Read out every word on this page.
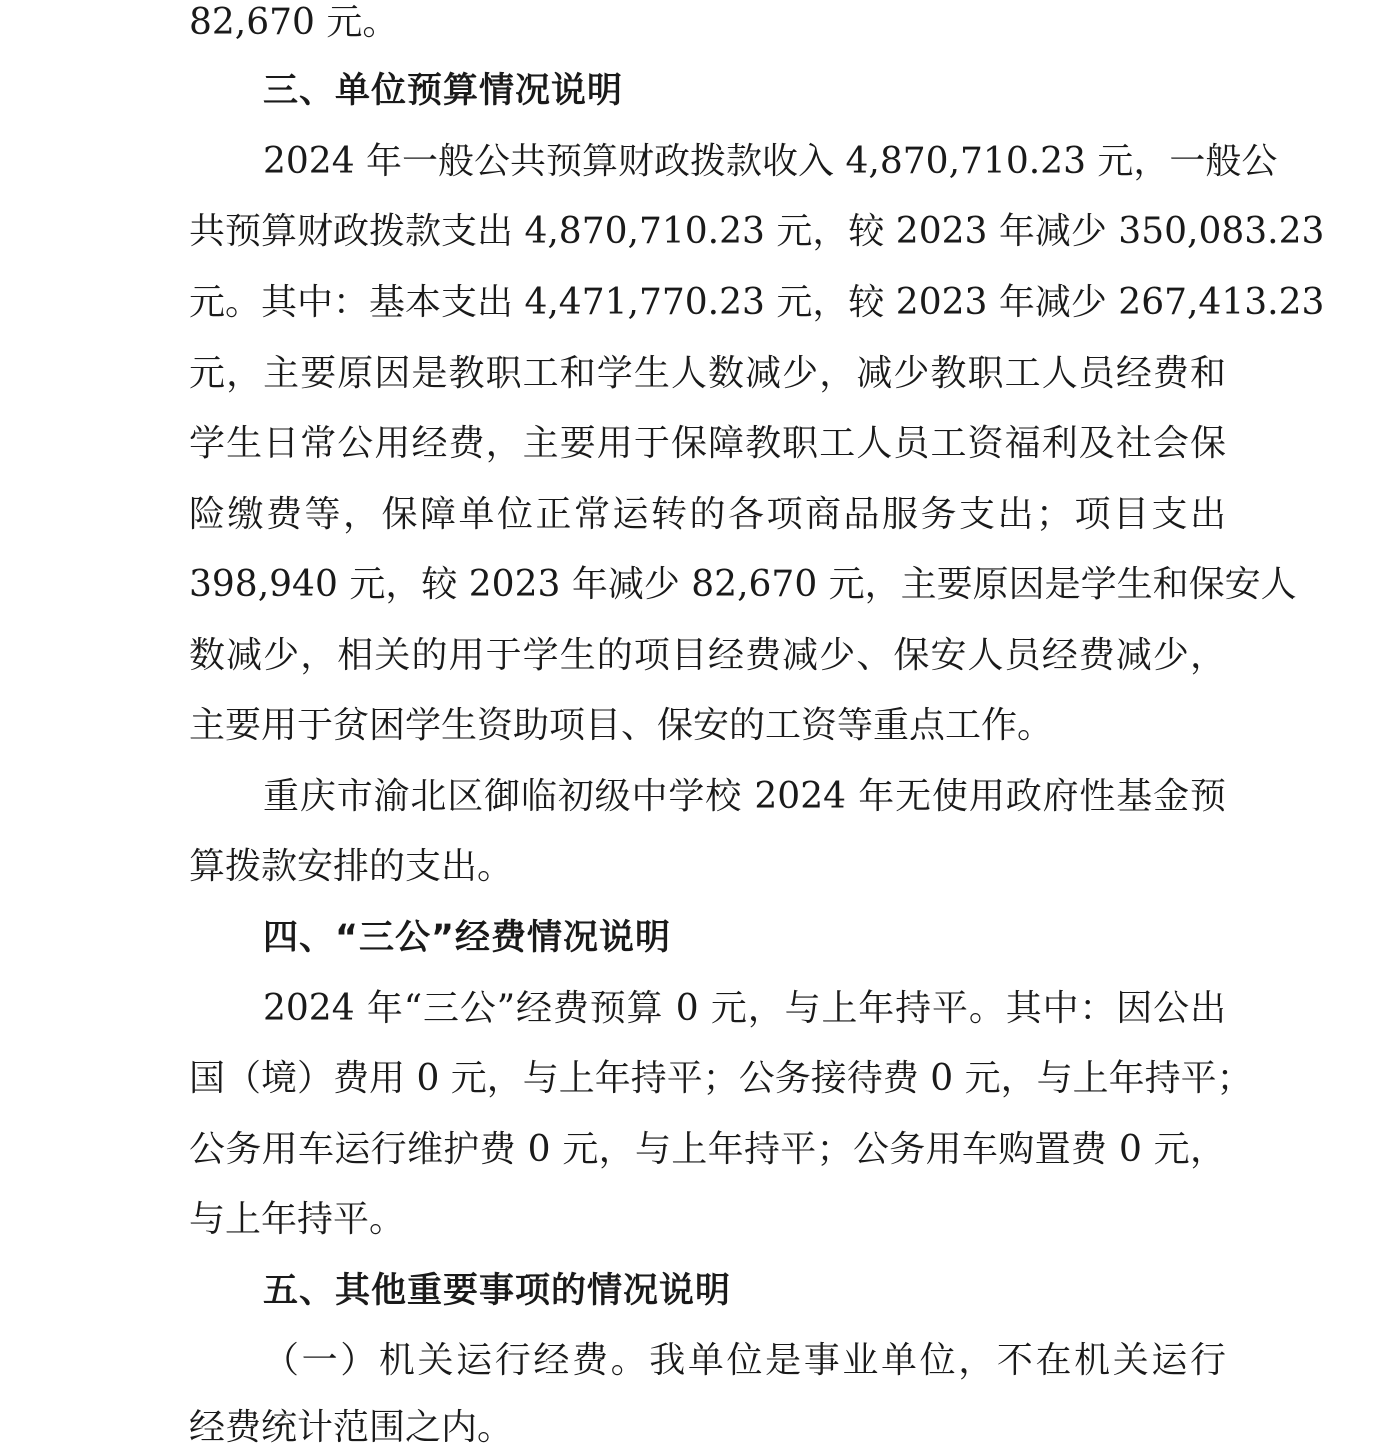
82,670 元。
三、单位预算情况说明
2024 年一般公共预算财政拨款收入 4,870,710.23 元，一般公
共预算财政拨款支出 4,870,710.23 元，较 2023 年减少 350,083.23
元。其中：基本支出 4,471,770.23 元，较 2023 年减少 267,413.23
元，主要原因是教职工和学生人数减少，减少教职工人员经费和
学生日常公用经费，主要用于保障教职工人员工资福利及社会保
险缴费等，保障单位正常运转的各项商品服务支出；项目支出
398,940 元，较 2023 年减少 82,670 元，主要原因是学生和保安人
数减少，相关的用于学生的项目经费减少、保安人员经费减少，
主要用于贫困学生资助项目、保安的工资等重点工作。
重庆市渝北区御临初级中学校 2024 年无使用政府性基金预
算拨款安排的支出。
四、“三公”经费情况说明
2024 年“三公”经费预算 0 元，与上年持平。其中：因公出
国（境）费用 0 元，与上年持平；公务接待费 0 元，与上年持平；
公务用车运行维护费 0 元，与上年持平；公务用车购置费 0 元，
与上年持平。
五、其他重要事项的情况说明
（一）机关运行经费。我单位是事业单位，不在机关运行
经费统计范围之内。
